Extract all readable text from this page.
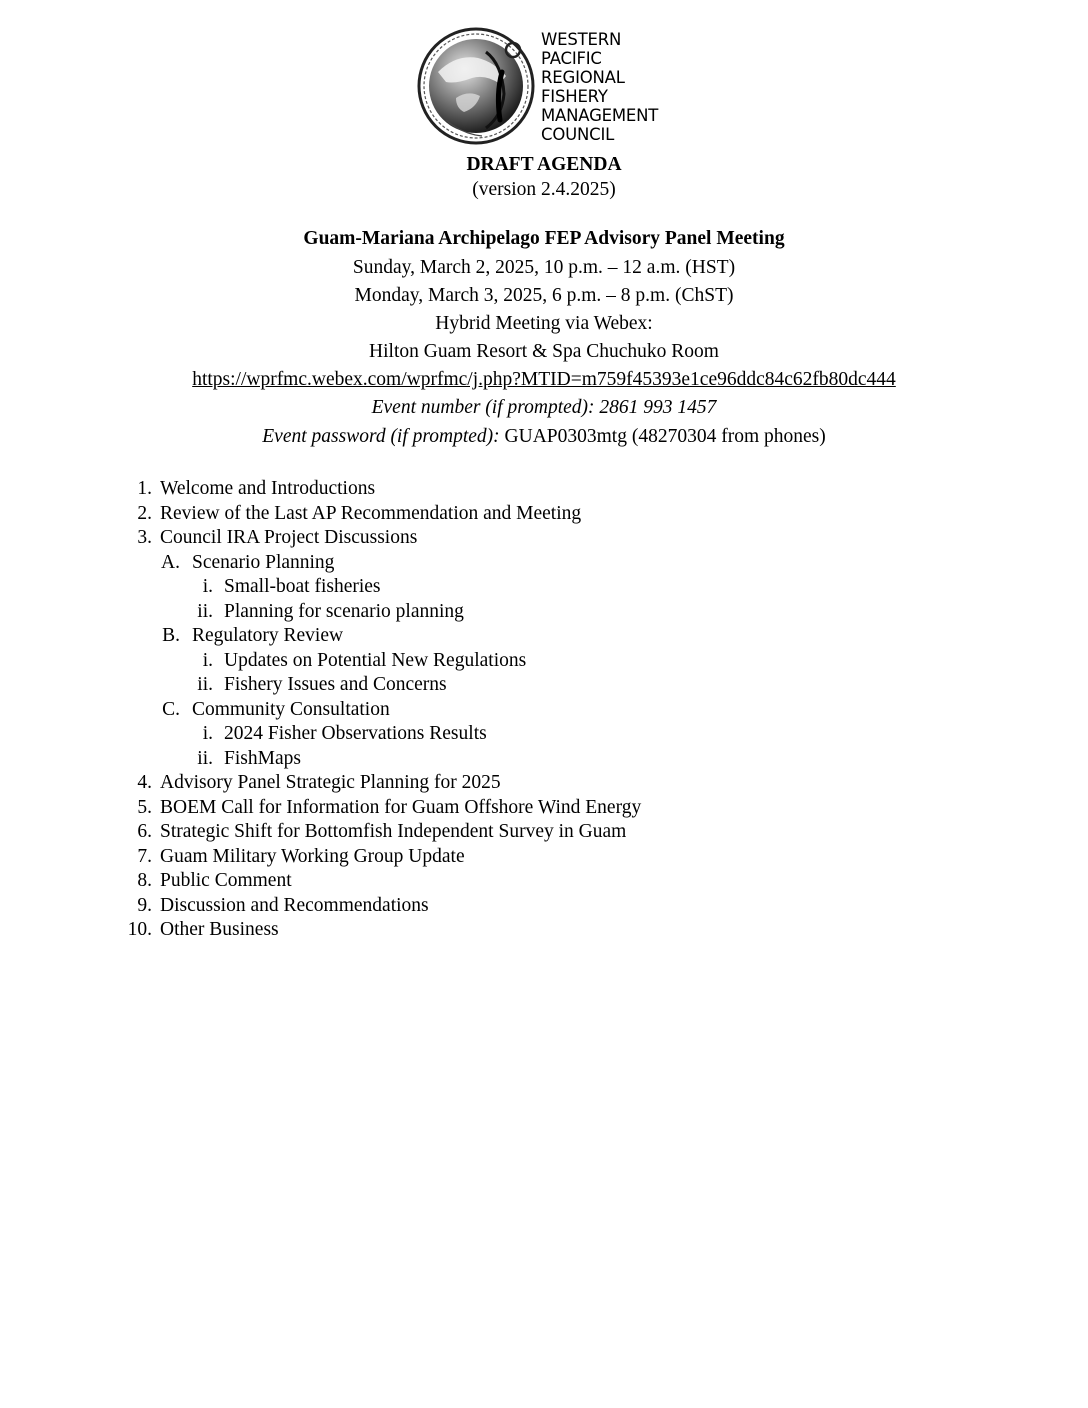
WESTERN
PACIFIC
REGIONAL
FISHERY
MANAGEMENT
COUNCIL
DRAFT AGENDA
(version 2.4.2025)
Guam-Mariana Archipelago FEP Advisory Panel Meeting
Sunday, March 2, 2025, 10 p.m. – 12 a.m. (HST)
Monday, March 3, 2025, 6 p.m. – 8 p.m. (ChST)
Hybrid Meeting via Webex:
Hilton Guam Resort & Spa Chuchuko Room
https://wprfmc.webex.com/wprfmc/j.php?MTID=m759f45393e1ce96ddc84c62fb80dc444
Event number (if prompted): 2861 993 1457
Event password (if prompted): GUAP0303mtg (48270304 from phones)
1. Welcome and Introductions
2. Review of the Last AP Recommendation and Meeting
3. Council IRA Project Discussions
A. Scenario Planning
i. Small-boat fisheries
ii. Planning for scenario planning
B. Regulatory Review
i. Updates on Potential New Regulations
ii. Fishery Issues and Concerns
C. Community Consultation
i. 2024 Fisher Observations Results
ii. FishMaps
4. Advisory Panel Strategic Planning for 2025
5. BOEM Call for Information for Guam Offshore Wind Energy
6. Strategic Shift for Bottomfish Independent Survey in Guam
7. Guam Military Working Group Update
8. Public Comment
9. Discussion and Recommendations
10. Other Business
